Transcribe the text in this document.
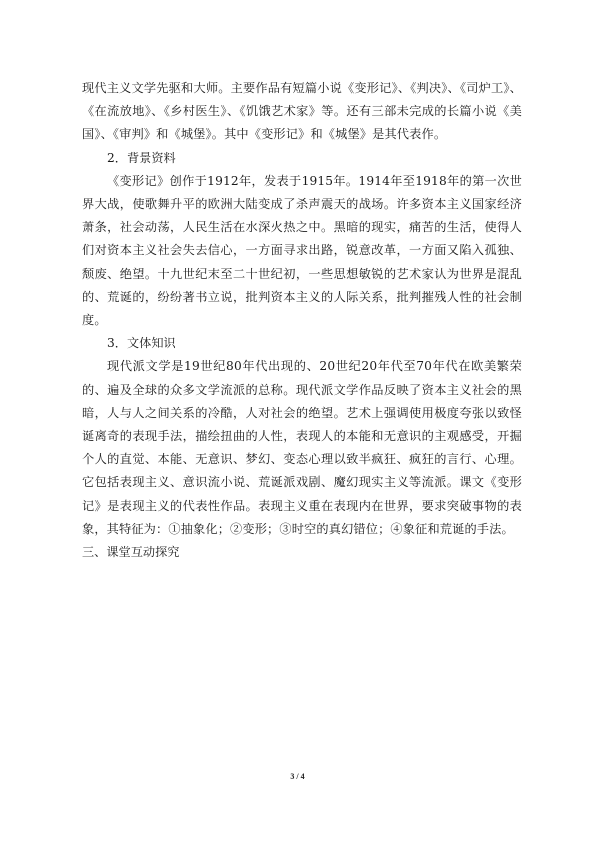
现代主义文学先驱和大师。主要作品有短篇小说《变形记》、《判决》、《司炉工》、《在流放地》、《乡村医生》、《饥饿艺术家》等。还有三部未完成的长篇小说《美国》、《审判》和《城堡》。其中《变形记》和《城堡》是其代表作。

2．背景资料

《变形记》创作于1912年，发表于1915年。1914年至1918年的第一次世界大战，使歌舞升平的欧洲大陆变成了杀声震天的战场。许多资本主义国家经济萧条，社会动荡，人民生活在水深火热之中。黑暗的现实，痛苦的生活，使得人们对资本主义社会失去信心，一方面寻求出路，锐意改革，一方面又陷入孤独、颓废、绝望。十九世纪末至二十世纪初，一些思想敏锐的艺术家认为世界是混乱的、荒诞的，纷纷著书立说，批判资本主义的人际关系，批判摧残人性的社会制度。

3．文体知识

现代派文学是19世纪80年代出现的、20世纪20年代至70年代在欧美繁荣的、遍及全球的众多文学流派的总称。现代派文学作品反映了资本主义社会的黑暗，人与人之间关系的冷酷，人对社会的绝望。艺术上强调使用极度夸张以致怪诞离奇的表现手法，描绘扭曲的人性，表现人的本能和无意识的主观感受，开掘个人的直觉、本能、无意识、梦幻、变态心理以致半疯狂、疯狂的言行、心理。它包括表现主义、意识流小说、荒诞派戏剧、魔幻现实主义等流派。课文《变形记》是表现主义的代表性作品。表现主义重在表现内在世界，要求突破事物的表象，其特征为：①抽象化；②变形；③时空的真幻错位；④象征和荒诞的手法。

三、课堂互动探究

3 / 4
